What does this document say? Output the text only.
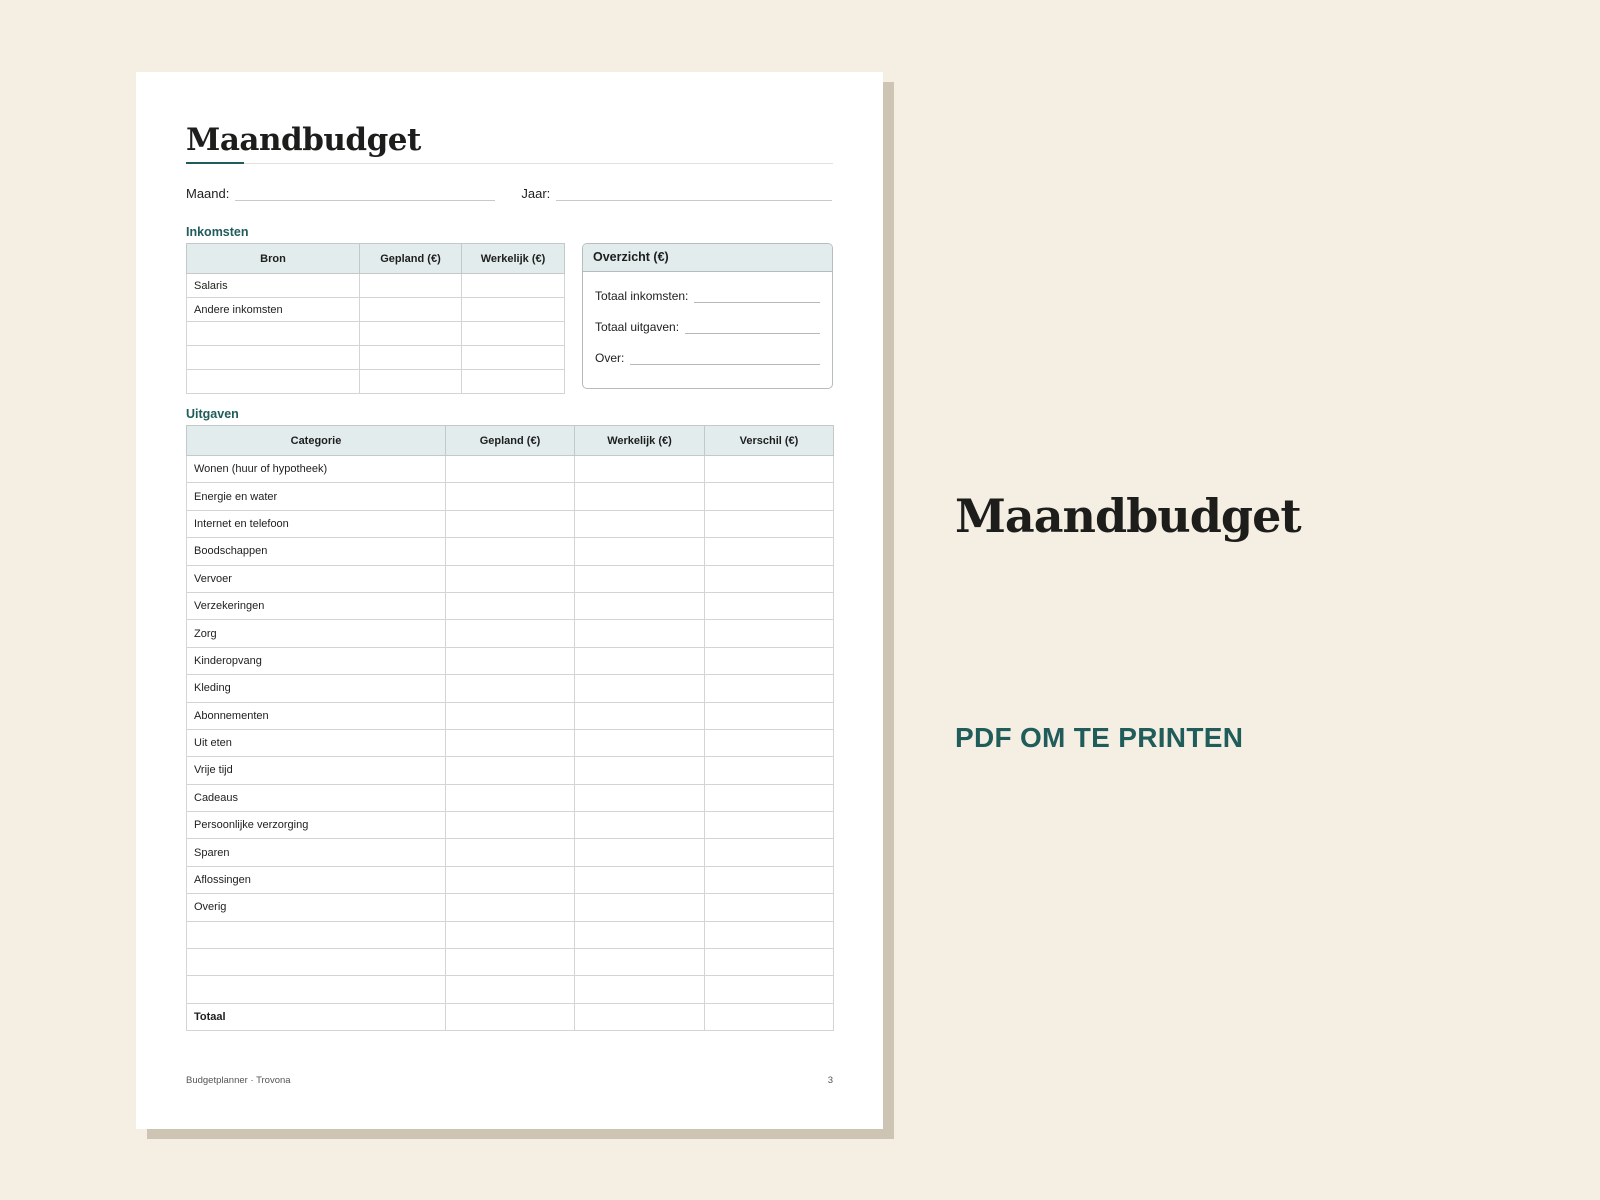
Maandbudget
Maand:	Jaar:
Inkomsten
Bron	Gepland (€)	Werkelijk (€)
Salaris		
Andere inkomsten		

Overzicht (€)
Totaal inkomsten:
Totaal uitgaven:
Over:
Uitgaven
Categorie	Gepland (€)	Werkelijk (€)	Verschil (€)
Wonen (huur of hypotheek)			
Energie en water			
Internet en telefoon			
Boodschappen			
Vervoer			
Verzekeringen			
Zorg			
Kinderopvang			
Kleding			
Abonnementen			
Uit eten			
Vrije tijd			
Cadeaus			
Persoonlijke verzorging			
Sparen			
Aflossingen			
Overig			

Totaal			
Budgetplanner · Trovona	3
Maandbudget
PDF OM TE PRINTEN
